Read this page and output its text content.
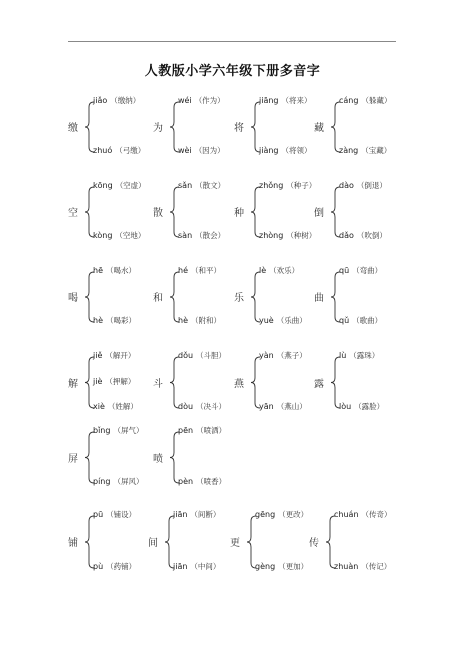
人教版小学六年级下册多音字
缴
jiǎo （缴纳）
zhuó （弓缴）
为
wéi （作为）
wèi （因为）
将
jiāng （将来）
jiàng （将领）
藏
cáng （躲藏）
zàng （宝藏）
空
kōng （空虚）
kòng （空地）
散
sǎn （散文）
sàn （散会）
种
zhǒng （种子）
zhòng （种树）
倒
dào （倒退）
dǎo （吹倒）
喝
hē （喝水）
hè （喝彩）
和
hé （和平）
hè （附和）
乐
lè （欢乐）
yuè （乐曲）
曲
qū （弯曲）
qǔ （歌曲）
解
jiě （解开）
jiè （押解）
xiè （姓解）
斗
dǒu （斗胆）
dòu （决斗）
燕
yàn （燕子）
yān （燕山）
露
lù （露珠）
lòu （露脸）
屏
bǐng （屏气）
píng （屏风）
喷
pēn （喷洒）
pèn （喷香）
铺
pū （铺设）
pù （药铺）
间
jiān （间断）
jiān （中间）
更
gēng （更改）
gèng （更加）
传
chuán （传奇）
zhuàn （传记）
